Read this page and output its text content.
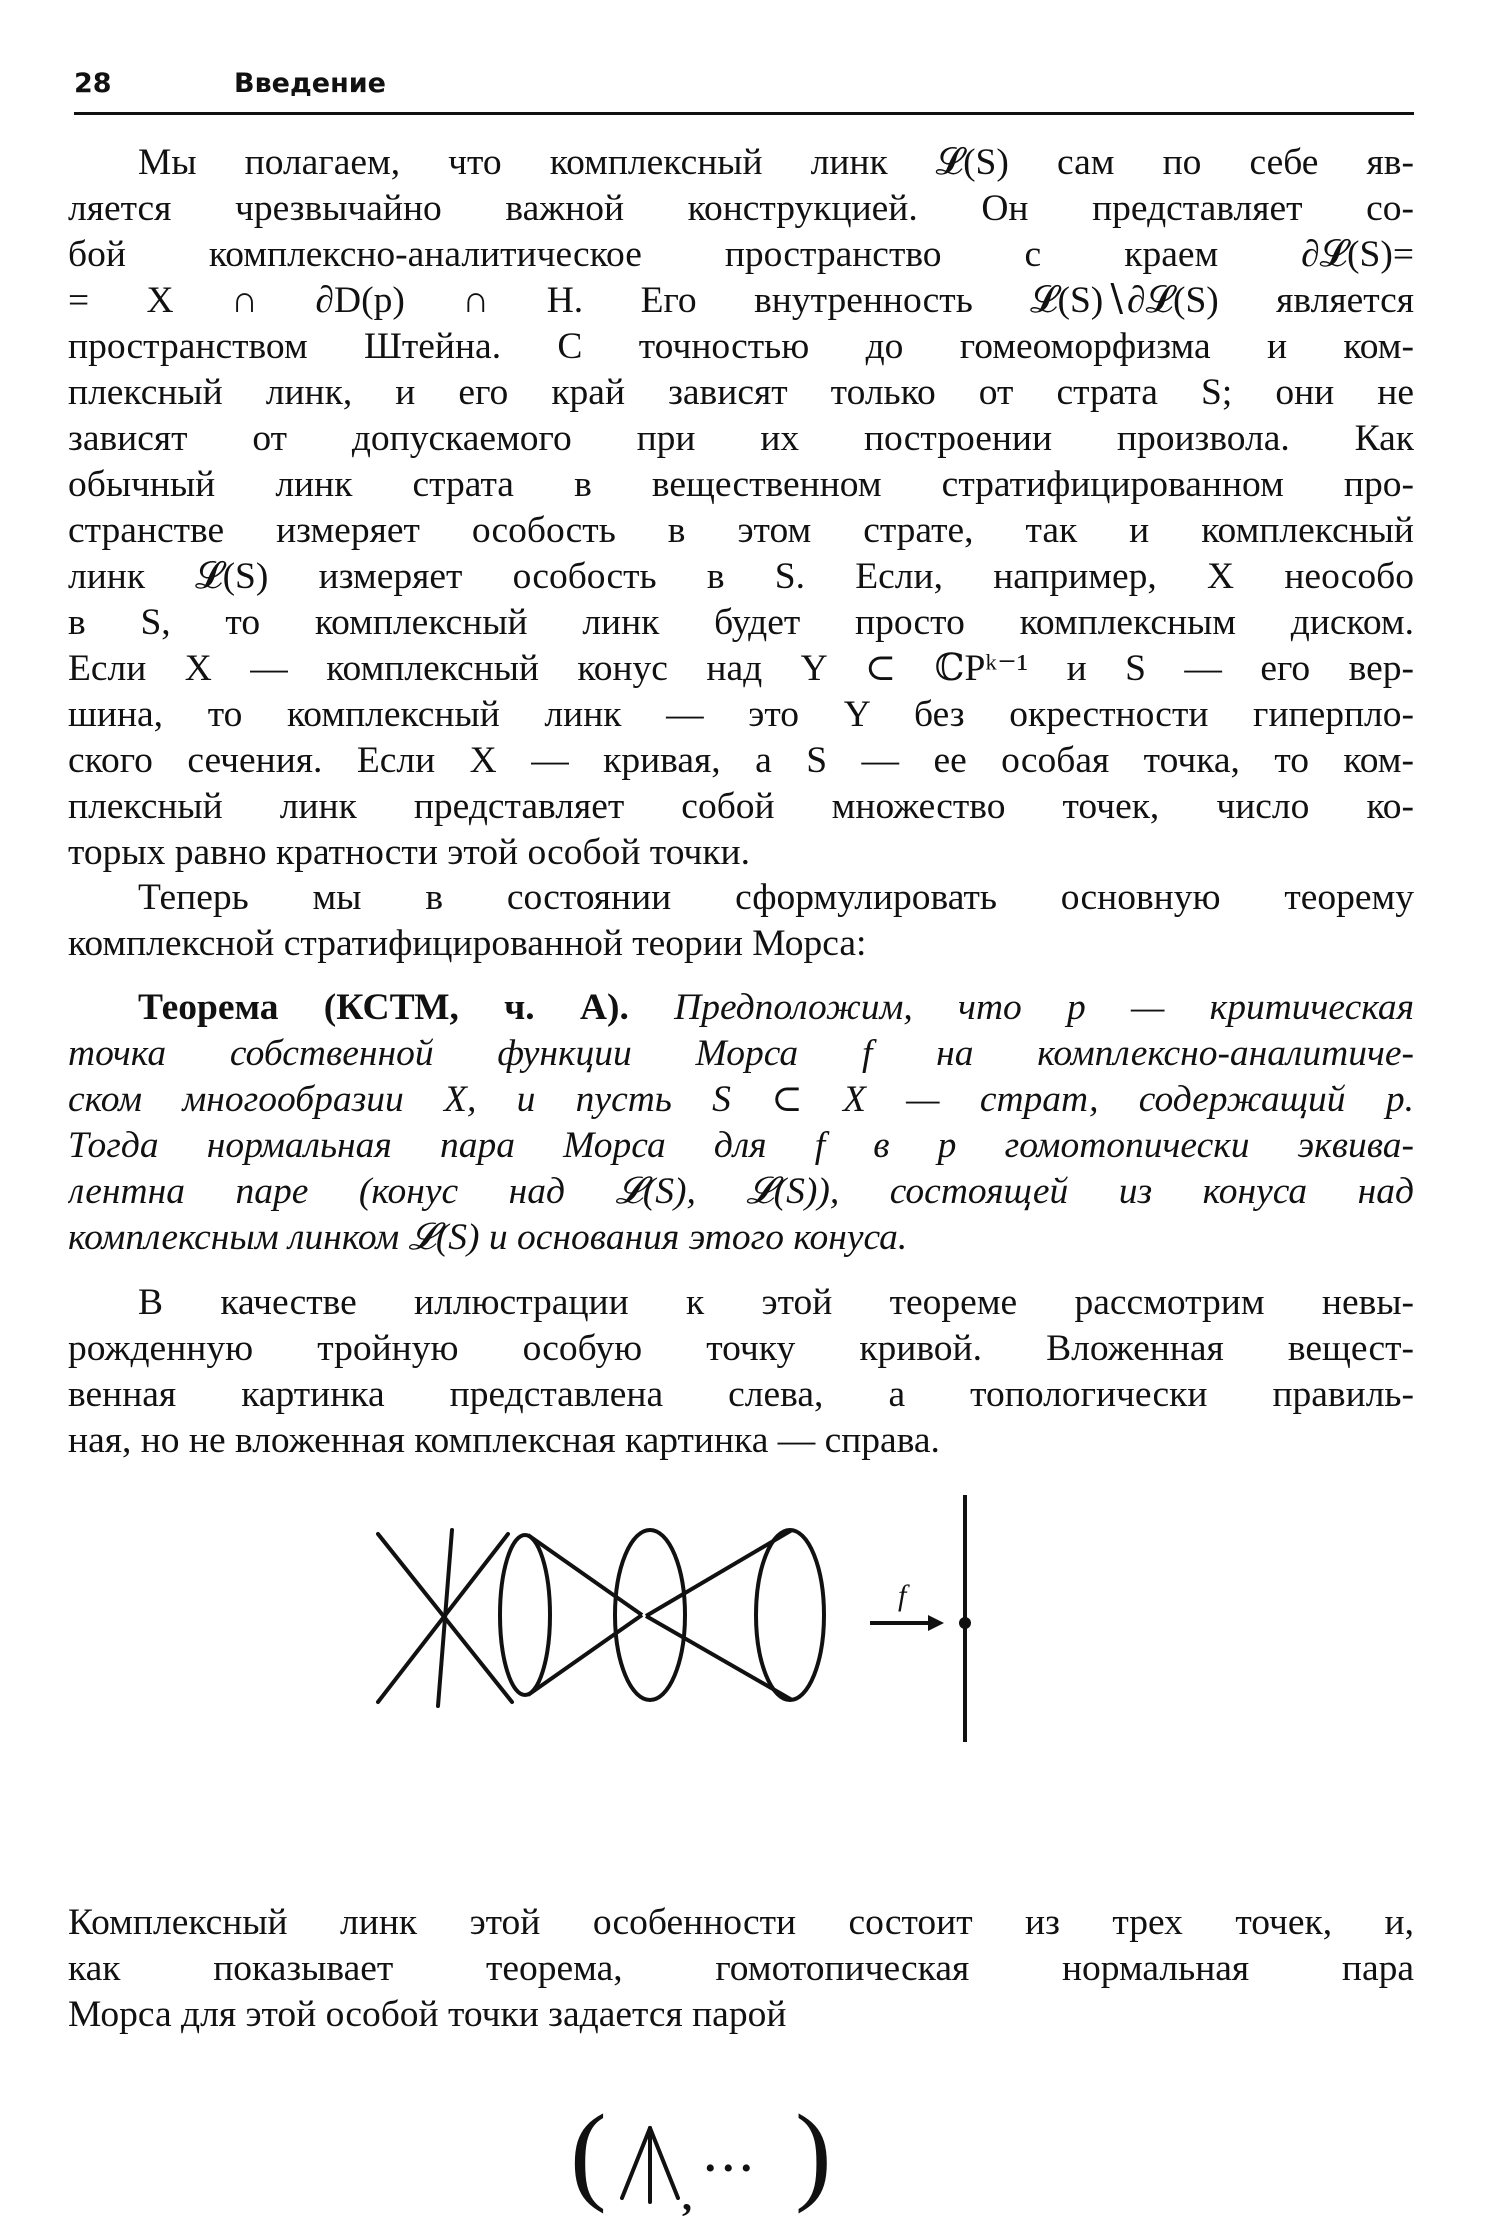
28	Введение
Мы полагаем, что комплексный линк 𝓛(S) сам по себе яв-
ляется чрезвычайно важной конструкцией. Он представляет со-
бой комплексно-аналитическое пространство с краем ∂𝓛(S)=
= X ∩ ∂D(p) ∩ H. Его внутренность 𝓛(S)∖∂𝓛(S) является
пространством Штейна. С точностью до гомеоморфизма и ком-
плексный линк, и его край зависят только от страта S; они не
зависят от допускаемого при их построении произвола. Как
обычный линк страта в вещественном стратифицированном про-
странстве измеряет особость в этом страте, так и комплексный
линк 𝓛(S) измеряет особость в S. Если, например, X неособо
в S, то комплексный линк будет просто комплексным диском.
Если X — комплексный конус над Y ⊂ ℂPᵏ⁻¹ и S — его вер-
шина, то комплексный линк — это Y без окрестности гиперпло-
ского сечения. Если X — кривая, а S — ее особая точка, то ком-
плексный линк представляет собой множество точек, число ко-
торых равно кратности этой особой точки.
Теперь мы в состоянии сформулировать основную теорему
комплексной стратифицированной теории Морса:
Теорема (КСТМ, ч. А). Предположим, что p — критическая
точка собственной функции Морса f на комплексно-аналитиче-
ском многообразии X, и пусть S ⊂ X — страт, содержащий p.
Тогда нормальная пара Морса для f в p гомотопически эквива-
лентна паре (конус над 𝓛(S), 𝓛(S)), состоящей из конуса над
комплексным линком 𝓛(S) и основания этого конуса.
В качестве иллюстрации к этой теореме рассмотрим невы-
рожденную тройную особую точку кривой. Вложенная вещест-
венная картинка представлена слева, а топологически правиль-
ная, но не вложенная комплексная картинка — справа.
f
Комплексный линк этой особенности состоит из трех точек, и,
как показывает теорема, гомотопическая нормальная пара
Морса для этой особой точки задается парой
( ,
• • • )
